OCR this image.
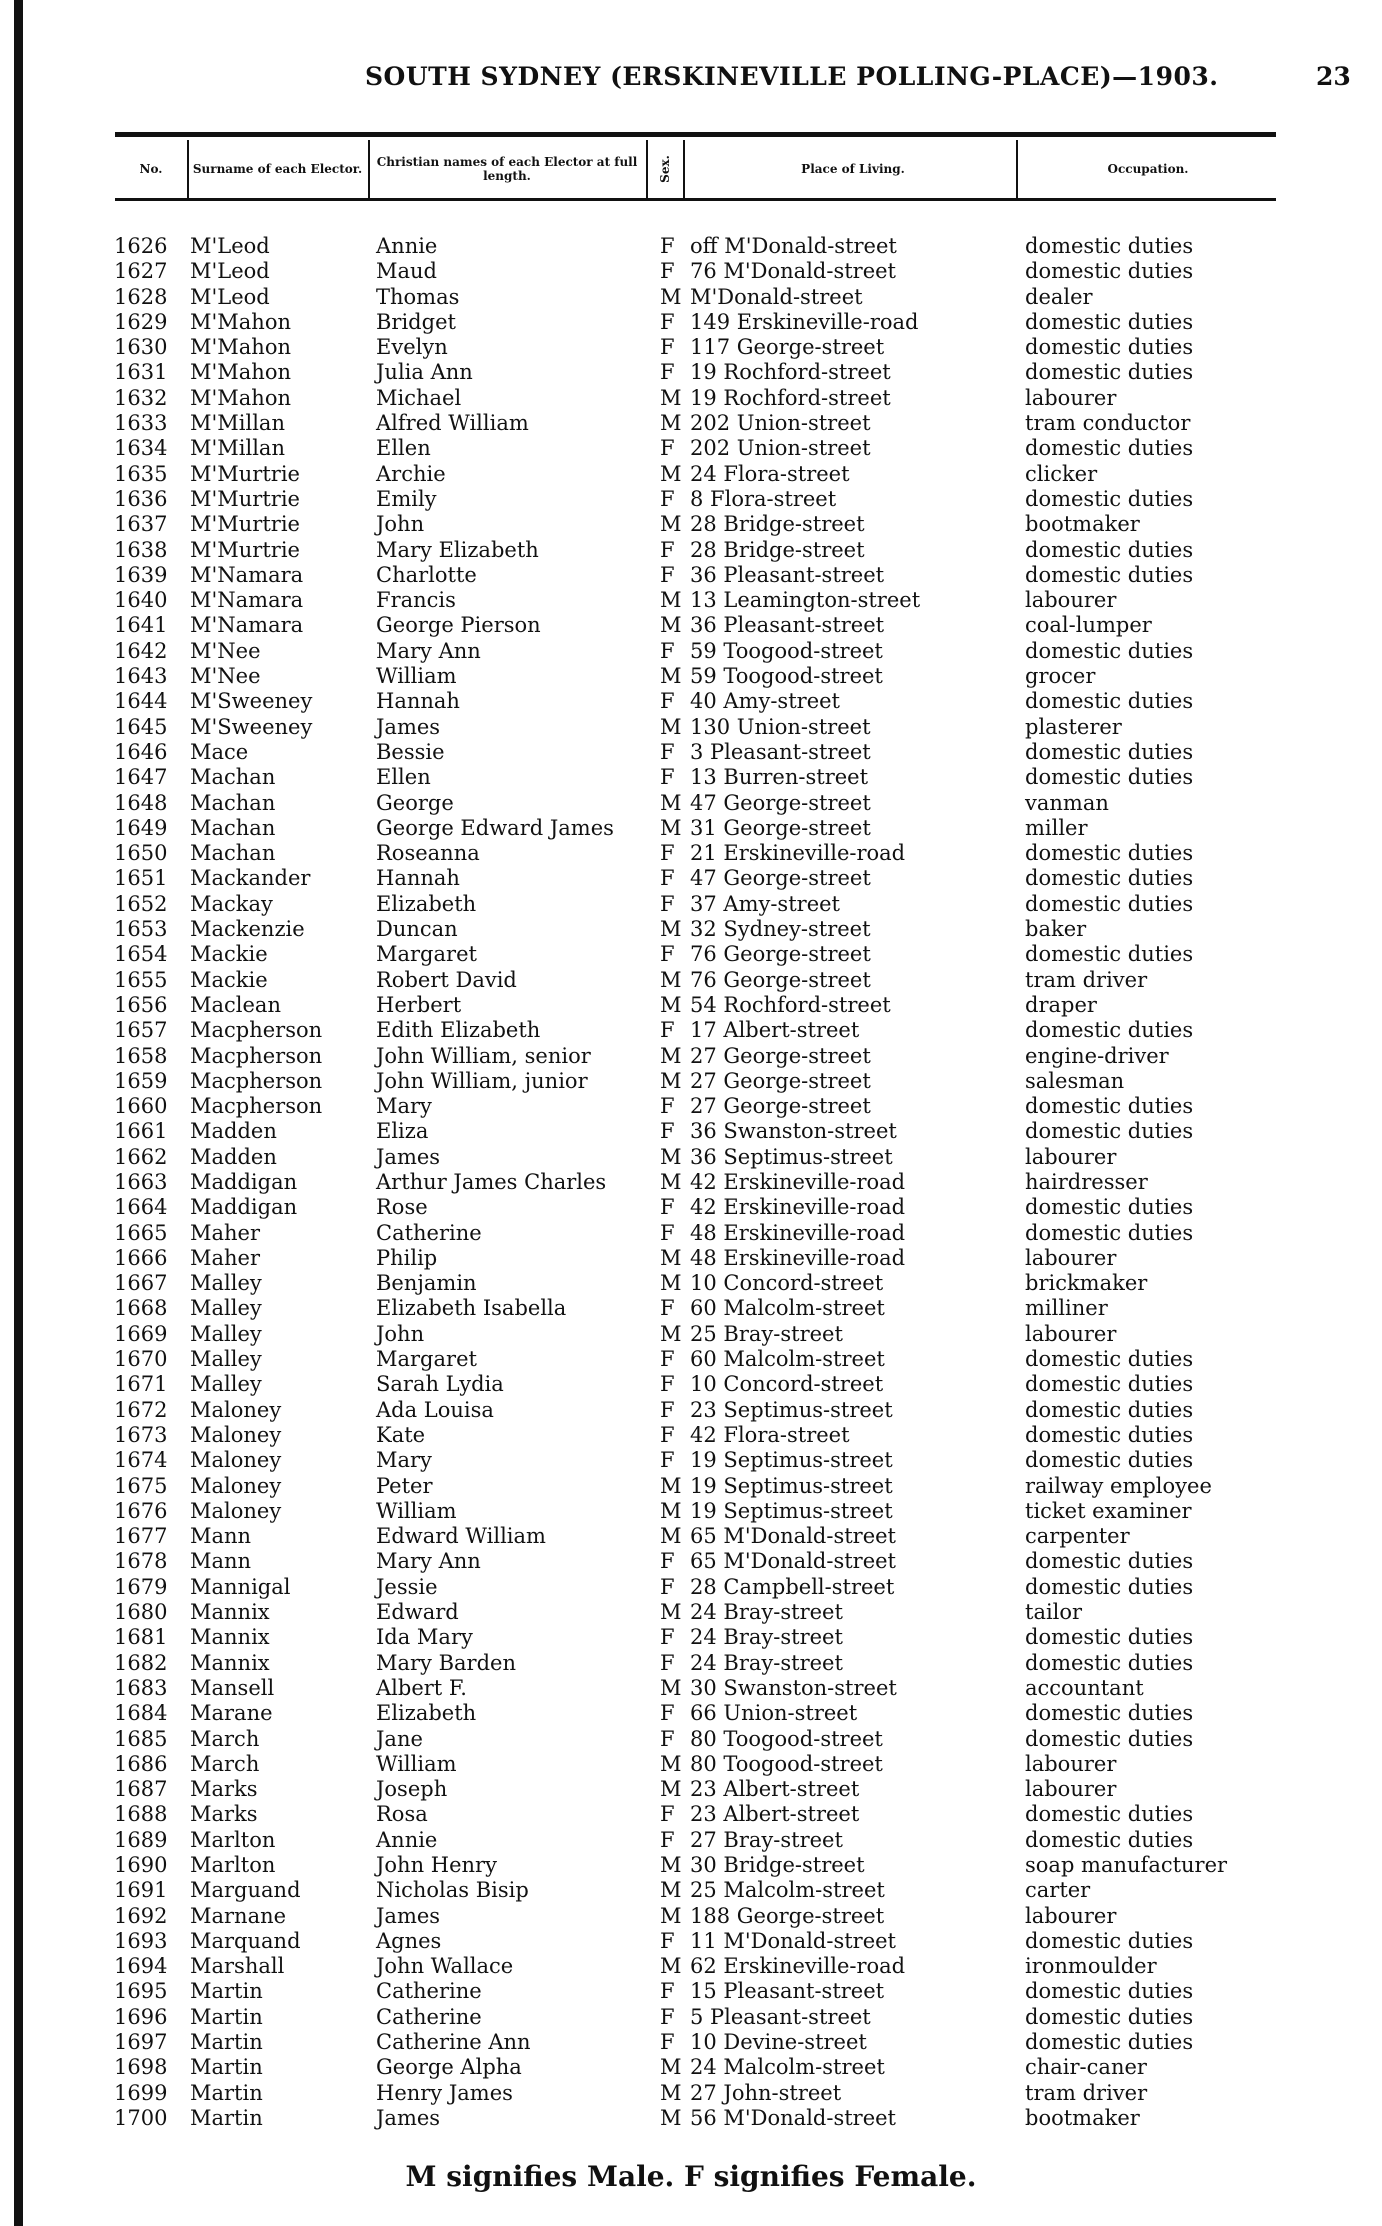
SOUTH SYDNEY (ERSKINEVILLE POLLING-PLACE)—1903.	23
No.	Surname of each Elector.	Christian names of each Elector at full length.	Sex.	Place of Living.	Occupation.
1626 M'Leod	Annie	F off M'Donald-street	domestic duties
1627 M'Leod	Maud	F 76 M'Donald-street	domestic duties
1628 M'Leod	Thomas	M M'Donald-street	dealer
1629 M'Mahon	Bridget	F 149 Erskineville-road	domestic duties
1630 M'Mahon	Evelyn	F 117 George-street	domestic duties
1631 M'Mahon	Julia Ann	F 19 Rochford-street	domestic duties
1632 M'Mahon	Michael	M 19 Rochford-street	labourer
1633 M'Millan	Alfred William	M 202 Union-street	tram conductor
1634 M'Millan	Ellen	F 202 Union-street	domestic duties
1635 M'Murtrie	Archie	M 24 Flora-street	clicker
1636 M'Murtrie	Emily	F 8 Flora-street	domestic duties
1637 M'Murtrie	John	M 28 Bridge-street	bootmaker
1638 M'Murtrie	Mary Elizabeth	F 28 Bridge-street	domestic duties
1639 M'Namara	Charlotte	F 36 Pleasant-street	domestic duties
1640 M'Namara	Francis	M 13 Leamington-street	labourer
1641 M'Namara	George Pierson	M 36 Pleasant-street	coal-lumper
1642 M'Nee	Mary Ann	F 59 Toogood-street	domestic duties
1643 M'Nee	William	M 59 Toogood-street	grocer
1644 M'Sweeney	Hannah	F 40 Amy-street	domestic duties
1645 M'Sweeney	James	M 130 Union-street	plasterer
1646 Mace	Bessie	F 3 Pleasant-street	domestic duties
1647 Machan	Ellen	F 13 Burren-street	domestic duties
1648 Machan	George	M 47 George-street	vanman
1649 Machan	George Edward James M 31 George-street	miller
1650 Machan	Roseanna	F 21 Erskineville-road	domestic duties
1651 Mackander	Hannah	F 47 George-street	domestic duties
1652 Mackay	Elizabeth	F 37 Amy-street	domestic duties
1653 Mackenzie	Duncan	M 32 Sydney-street	baker
1654 Mackie	Margaret	F 76 George-street	domestic duties
1655 Mackie	Robert David	M 76 George-street	tram driver
1656 Maclean	Herbert	M 54 Rochford-street	draper
1657 Macpherson	Edith Elizabeth	F 17 Albert-street	domestic duties
1658 Macpherson	John William, senior	M 27 George-street	engine-driver
1659 Macpherson	John William, junior	M 27 George-street	salesman
1660 Macpherson	Mary	F 27 George-street	domestic duties
1661 Madden	Eliza	F 36 Swanston-street	domestic duties
1662 Madden	James	M 36 Septimus-street	labourer
1663 Maddigan	Arthur James Charles	M 42 Erskineville-road	hairdresser
1664 Maddigan	Rose	F 42 Erskineville-road	domestic duties
1665 Maher	Catherine	F 48 Erskineville-road	domestic duties
1666 Maher	Philip	M 48 Erskineville-road	labourer
1667 Malley	Benjamin	M 10 Concord-street	brickmaker
1668 Malley	Elizabeth Isabella	F 60 Malcolm-street	milliner
1669 Malley	John	M 25 Bray-street	labourer
1670 Malley	Margaret	F 60 Malcolm-street	domestic duties
1671 Malley	Sarah Lydia	F 10 Concord-street	domestic duties
1672 Maloney	Ada Louisa	F 23 Septimus-street	domestic duties
1673 Maloney	Kate	F 42 Flora-street	domestic duties
1674 Maloney	Mary	F 19 Septimus-street	domestic duties
1675 Maloney	Peter	M 19 Septimus-street	railway employee
1676 Maloney	William	M 19 Septimus-street	ticket examiner
1677 Mann	Edward William	M 65 M'Donald-street	carpenter
1678 Mann	Mary Ann	F 65 M'Donald-street	domestic duties
1679 Mannigal	Jessie	F 28 Campbell-street	domestic duties
1680 Mannix	Edward	M 24 Bray-street	tailor
1681 Mannix	Ida Mary	F 24 Bray-street	domestic duties
1682 Mannix	Mary Barden	F 24 Bray-street	domestic duties
1683 Mansell	Albert F.	M 30 Swanston-street	accountant
1684 Marane	Elizabeth	F 66 Union-street	domestic duties
1685 March	Jane	F 80 Toogood-street	domestic duties
1686 March	William	M 80 Toogood-street	labourer
1687 Marks	Joseph	M 23 Albert-street	labourer
1688 Marks	Rosa	F 23 Albert-street	domestic duties
1689 Marlton	Annie	F 27 Bray-street	domestic duties
1690 Marlton	John Henry	M 30 Bridge-street	soap manufacturer
1691 Marguand	Nicholas Bisip	M 25 Malcolm-street	carter
1692 Marnane	James	M 188 George-street	labourer
1693 Marquand	Agnes	F 11 M'Donald-street	domestic duties
1694 Marshall	John Wallace	M 62 Erskineville-road	ironmoulder
1695 Martin	Catherine	F 15 Pleasant-street	domestic duties
1696 Martin	Catherine	F 5 Pleasant-street	domestic duties
1697 Martin	Catherine Ann	F 10 Devine-street	domestic duties
1698 Martin	George Alpha	M 24 Malcolm-street	chair-caner
1699 Martin	Henry James	M 27 John-street	tram driver
1700 Martin	James	M 56 M'Donald-street	bootmaker
M signifies Male. F signifies Female.
